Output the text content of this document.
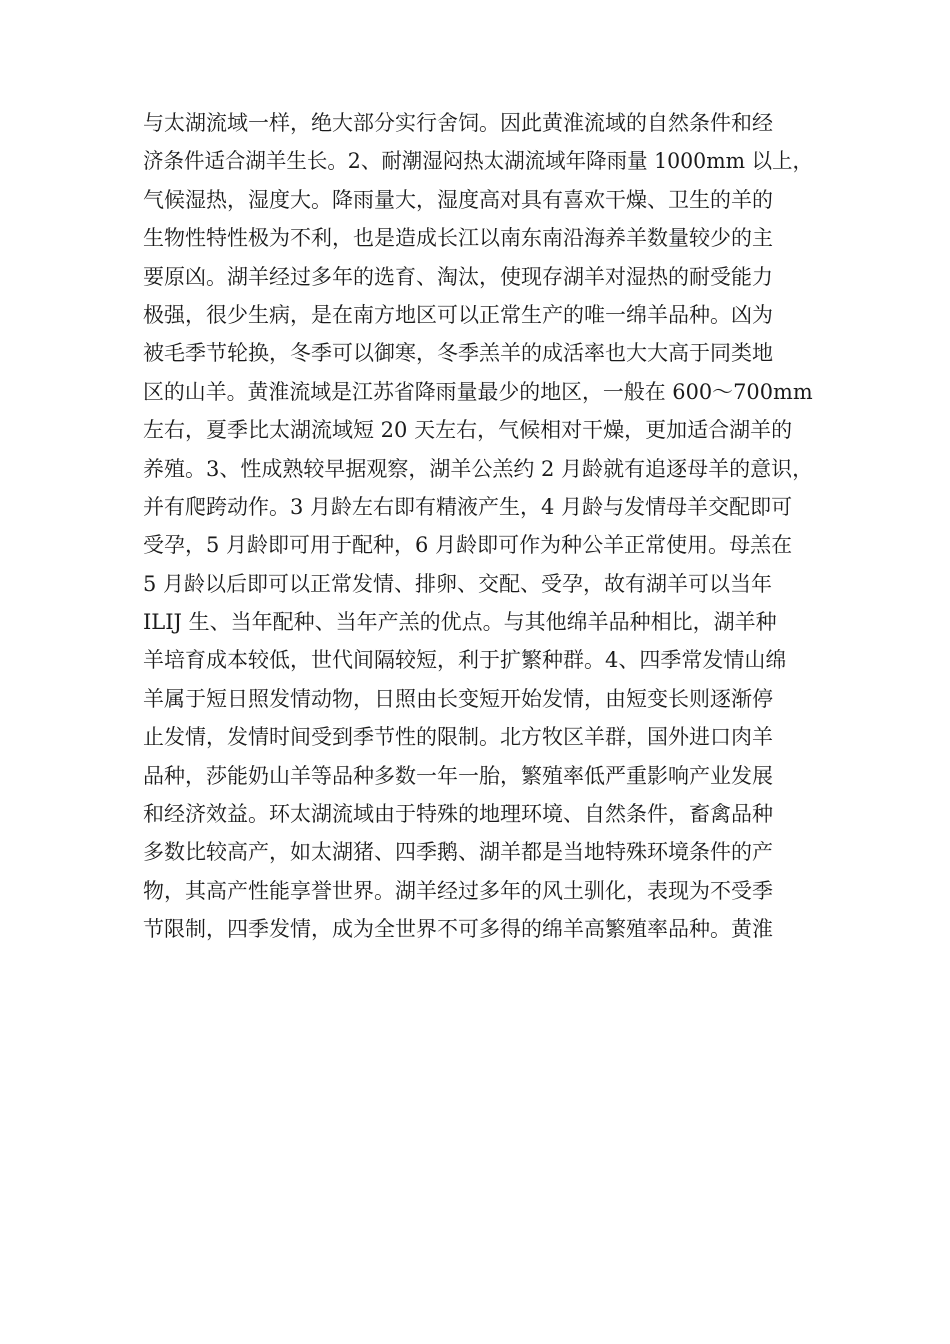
与太湖流域一样，绝大部分实行舍饲。因此黄淮流域的自然条件和经
济条件适合湖羊生长。2、耐潮湿闷热太湖流域年降雨量 1000mm 以上，
气候湿热，湿度大。降雨量大，湿度高对具有喜欢干燥、卫生的羊的
生物性特性极为不利，也是造成长江以南东南沿海养羊数量较少的主
要原凶。湖羊经过多年的选育、淘汰，使现存湖羊对湿热的耐受能力
极强，很少生病，是在南方地区可以正常生产的唯一绵羊品种。凶为
被毛季节轮换，冬季可以御寒，冬季羔羊的成活率也大大高于同类地
区的山羊。黄淮流域是江苏省降雨量最少的地区，一般在 600～700mm
左右，夏季比太湖流域短 20 天左右，气候相对干燥，更加适合湖羊的
养殖。3、性成熟较早据观察，湖羊公羔约 2 月龄就有追逐母羊的意识，
并有爬跨动作。3 月龄左右即有精液产生，4 月龄与发情母羊交配即可
受孕，5 月龄即可用于配种，6 月龄即可作为种公羊正常使用。母羔在
5 月龄以后即可以正常发情、排卵、交配、受孕，故有湖羊可以当年
ILIJ 生、当年配种、当年产羔的优点。与其他绵羊品种相比，湖羊种
羊培育成本较低，世代间隔较短，利于扩繁种群。4、四季常发情山绵
羊属于短日照发情动物，日照由长变短开始发情，由短变长则逐渐停
止发情，发情时间受到季节性的限制。北方牧区羊群，国外进口肉羊
品种，莎能奶山羊等品种多数一年一胎，繁殖率低严重影响产业发展
和经济效益。环太湖流域由于特殊的地理环境、自然条件，畜禽品种
多数比较高产，如太湖猪、四季鹅、湖羊都是当地特殊环境条件的产
物，其高产性能享誉世界。湖羊经过多年的风土驯化，表现为不受季
节限制，四季发情，成为全世界不可多得的绵羊高繁殖率品种。黄淮
